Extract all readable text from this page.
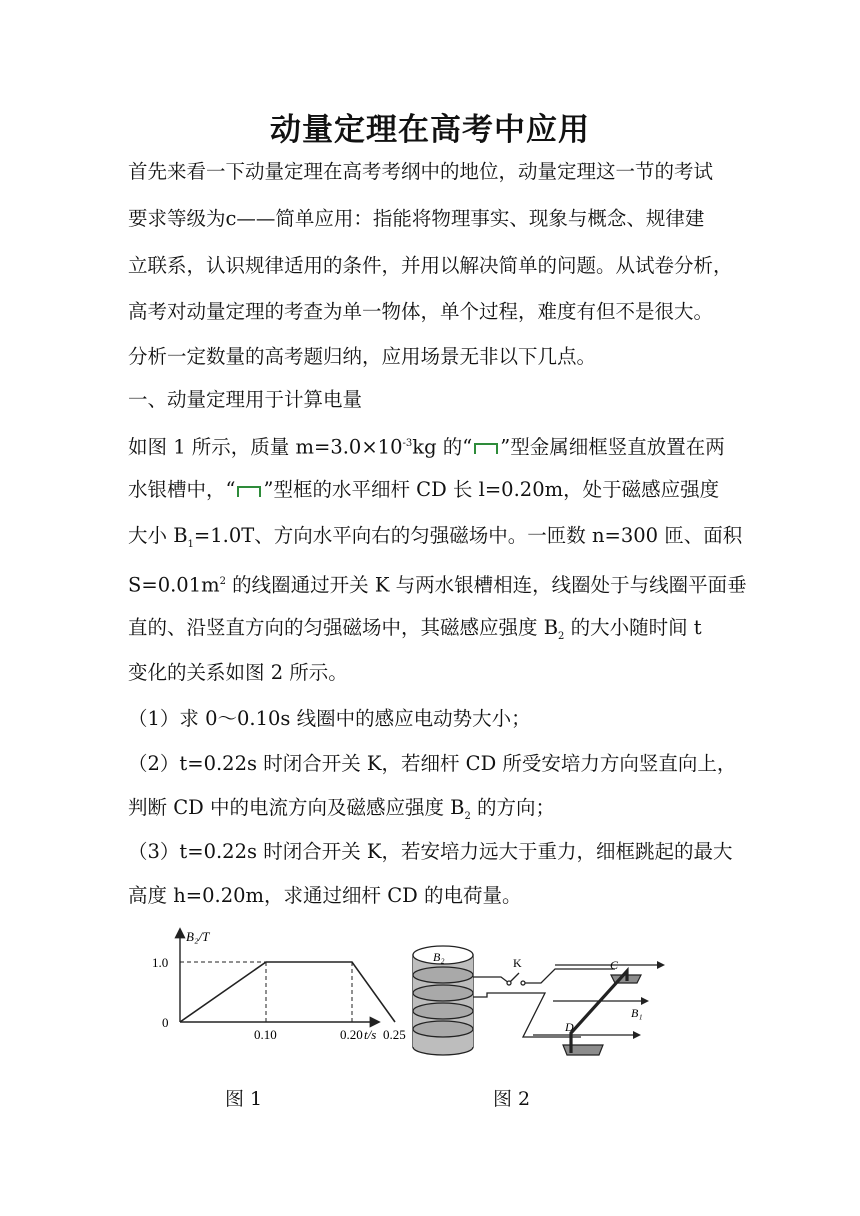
动量定理在高考中应用
首先来看一下动量定理在高考考纲中的地位，动量定理这一节的考试
要求等级为c——简单应用：指能将物理事实、现象与概念、规律建
立联系，认识规律适用的条件，并用以解决简单的问题。从试卷分析，
高考对动量定理的考查为单一物体，单个过程，难度有但不是很大。
分析一定数量的高考题归纳，应用场景无非以下几点。
一、动量定理用于计算电量
如图 1 所示，质量 $m=3.0\times 10^{-3}kg$ 的“ ”型金属细框竖直放置在两
水银槽中，“ ”型框的水平细杆 CD 长 l=0.20m，处于磁感应强度
大小 $B_1=1.0T$、方向水平向右的匀强磁场中。一匝数 n=300 匝、面积
$S=0.01m^2$ 的线圈通过开关 K 与两水银槽相连，线圈处于与线圈平面垂
直的、沿竖直方向的匀强磁场中，其磁感应强度 $B_2$ 的大小随时间 t
变化的关系如图 2 所示。
（1）求 0～0.10s 线圈中的感应电动势大小；
（2）t=0.22s 时闭合开关 K，若细杆 CD 所受安培力方向竖直向上，
判断 CD 中的电流方向及磁感应强度 $B_2$ 的方向；
（3）t=0.22s 时闭合开关 K，若安培力远大于重力，细框跳起的最大
高度 h=0.20m，求通过细杆 CD 的电荷量。
B₂/T
t/s
0
0.10	0.20 0.25
1.0	B₂	K	C
D
B₁
图 1	图 2
